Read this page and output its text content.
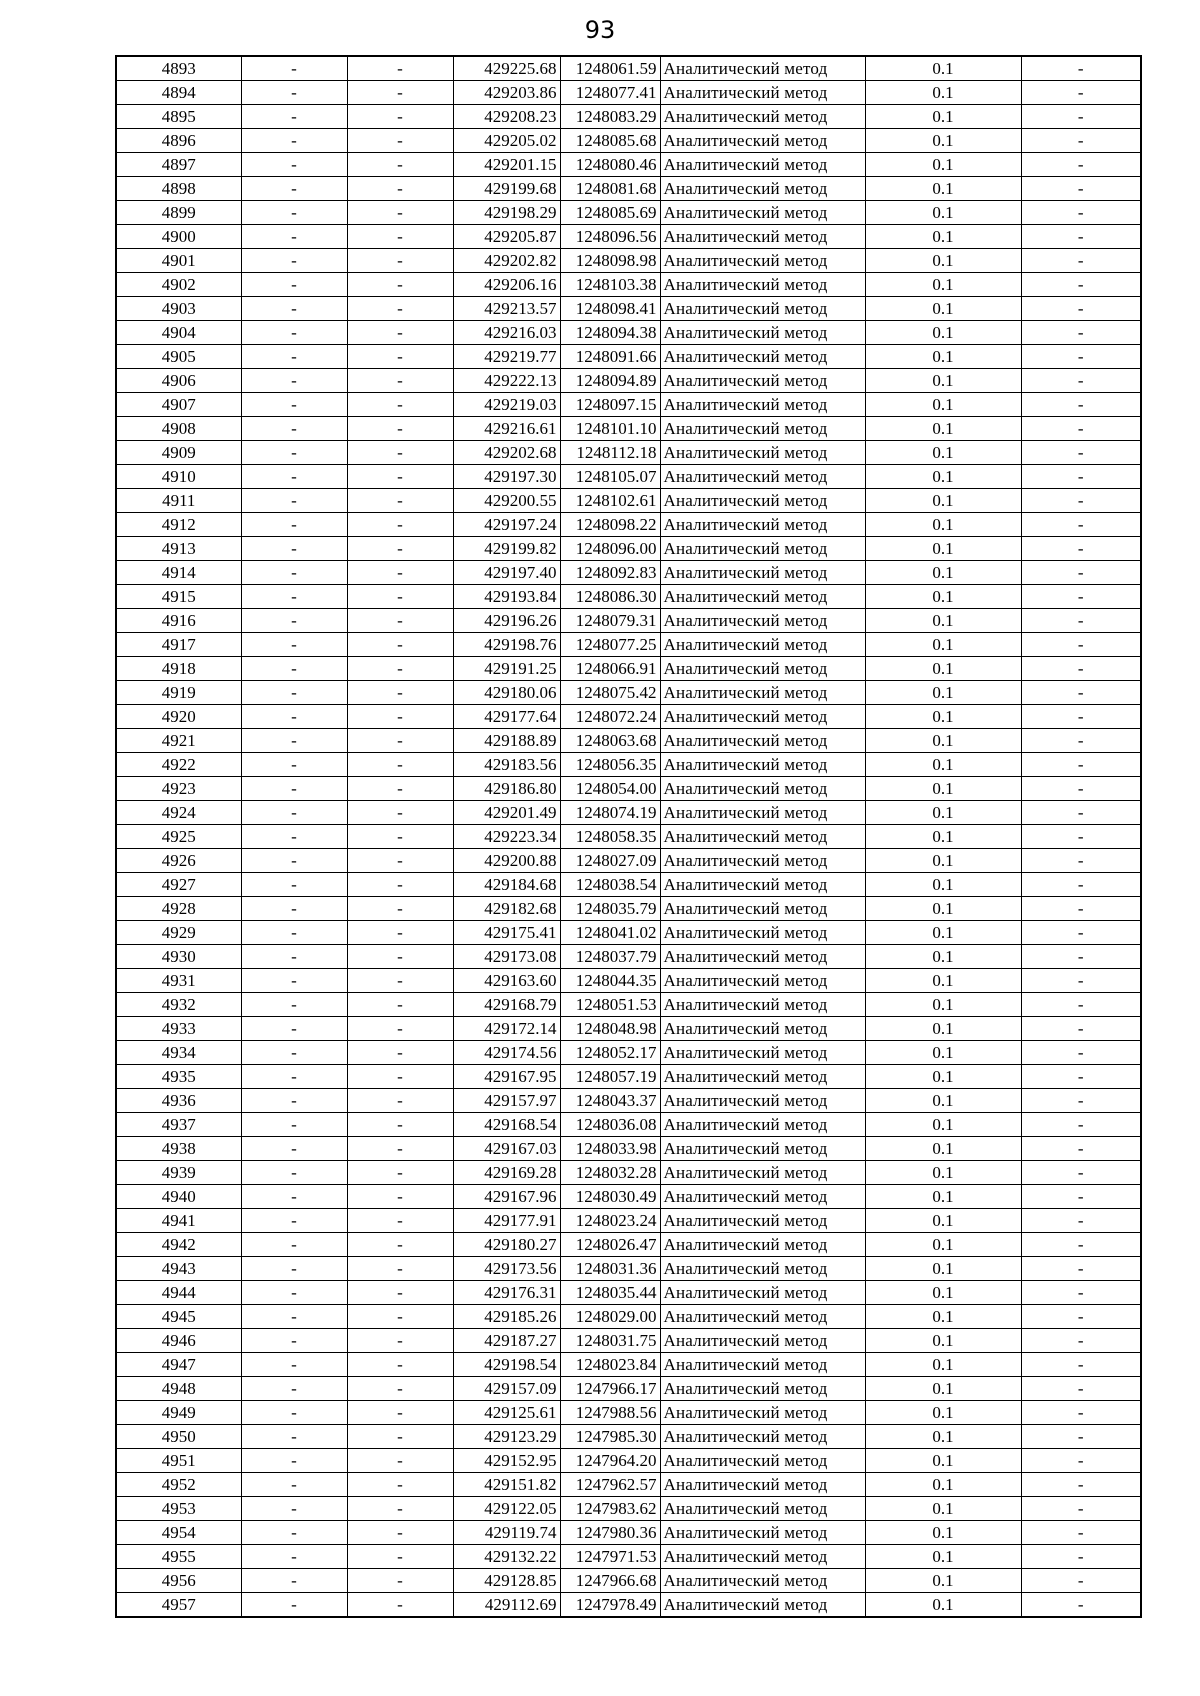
93
4893	-	-	429225.68	1248061.59	Аналитический метод	0.1	-
4894	-	-	429203.86	1248077.41	Аналитический метод	0.1	-
4895	-	-	429208.23	1248083.29	Аналитический метод	0.1	-
4896	-	-	429205.02	1248085.68	Аналитический метод	0.1	-
4897	-	-	429201.15	1248080.46	Аналитический метод	0.1	-
4898	-	-	429199.68	1248081.68	Аналитический метод	0.1	-
4899	-	-	429198.29	1248085.69	Аналитический метод	0.1	-
4900	-	-	429205.87	1248096.56	Аналитический метод	0.1	-
4901	-	-	429202.82	1248098.98	Аналитический метод	0.1	-
4902	-	-	429206.16	1248103.38	Аналитический метод	0.1	-
4903	-	-	429213.57	1248098.41	Аналитический метод	0.1	-
4904	-	-	429216.03	1248094.38	Аналитический метод	0.1	-
4905	-	-	429219.77	1248091.66	Аналитический метод	0.1	-
4906	-	-	429222.13	1248094.89	Аналитический метод	0.1	-
4907	-	-	429219.03	1248097.15	Аналитический метод	0.1	-
4908	-	-	429216.61	1248101.10	Аналитический метод	0.1	-
4909	-	-	429202.68	1248112.18	Аналитический метод	0.1	-
4910	-	-	429197.30	1248105.07	Аналитический метод	0.1	-
4911	-	-	429200.55	1248102.61	Аналитический метод	0.1	-
4912	-	-	429197.24	1248098.22	Аналитический метод	0.1	-
4913	-	-	429199.82	1248096.00	Аналитический метод	0.1	-
4914	-	-	429197.40	1248092.83	Аналитический метод	0.1	-
4915	-	-	429193.84	1248086.30	Аналитический метод	0.1	-
4916	-	-	429196.26	1248079.31	Аналитический метод	0.1	-
4917	-	-	429198.76	1248077.25	Аналитический метод	0.1	-
4918	-	-	429191.25	1248066.91	Аналитический метод	0.1	-
4919	-	-	429180.06	1248075.42	Аналитический метод	0.1	-
4920	-	-	429177.64	1248072.24	Аналитический метод	0.1	-
4921	-	-	429188.89	1248063.68	Аналитический метод	0.1	-
4922	-	-	429183.56	1248056.35	Аналитический метод	0.1	-
4923	-	-	429186.80	1248054.00	Аналитический метод	0.1	-
4924	-	-	429201.49	1248074.19	Аналитический метод	0.1	-
4925	-	-	429223.34	1248058.35	Аналитический метод	0.1	-
4926	-	-	429200.88	1248027.09	Аналитический метод	0.1	-
4927	-	-	429184.68	1248038.54	Аналитический метод	0.1	-
4928	-	-	429182.68	1248035.79	Аналитический метод	0.1	-
4929	-	-	429175.41	1248041.02	Аналитический метод	0.1	-
4930	-	-	429173.08	1248037.79	Аналитический метод	0.1	-
4931	-	-	429163.60	1248044.35	Аналитический метод	0.1	-
4932	-	-	429168.79	1248051.53	Аналитический метод	0.1	-
4933	-	-	429172.14	1248048.98	Аналитический метод	0.1	-
4934	-	-	429174.56	1248052.17	Аналитический метод	0.1	-
4935	-	-	429167.95	1248057.19	Аналитический метод	0.1	-
4936	-	-	429157.97	1248043.37	Аналитический метод	0.1	-
4937	-	-	429168.54	1248036.08	Аналитический метод	0.1	-
4938	-	-	429167.03	1248033.98	Аналитический метод	0.1	-
4939	-	-	429169.28	1248032.28	Аналитический метод	0.1	-
4940	-	-	429167.96	1248030.49	Аналитический метод	0.1	-
4941	-	-	429177.91	1248023.24	Аналитический метод	0.1	-
4942	-	-	429180.27	1248026.47	Аналитический метод	0.1	-
4943	-	-	429173.56	1248031.36	Аналитический метод	0.1	-
4944	-	-	429176.31	1248035.44	Аналитический метод	0.1	-
4945	-	-	429185.26	1248029.00	Аналитический метод	0.1	-
4946	-	-	429187.27	1248031.75	Аналитический метод	0.1	-
4947	-	-	429198.54	1248023.84	Аналитический метод	0.1	-
4948	-	-	429157.09	1247966.17	Аналитический метод	0.1	-
4949	-	-	429125.61	1247988.56	Аналитический метод	0.1	-
4950	-	-	429123.29	1247985.30	Аналитический метод	0.1	-
4951	-	-	429152.95	1247964.20	Аналитический метод	0.1	-
4952	-	-	429151.82	1247962.57	Аналитический метод	0.1	-
4953	-	-	429122.05	1247983.62	Аналитический метод	0.1	-
4954	-	-	429119.74	1247980.36	Аналитический метод	0.1	-
4955	-	-	429132.22	1247971.53	Аналитический метод	0.1	-
4956	-	-	429128.85	1247966.68	Аналитический метод	0.1	-
4957	-	-	429112.69	1247978.49	Аналитический метод	0.1	-
